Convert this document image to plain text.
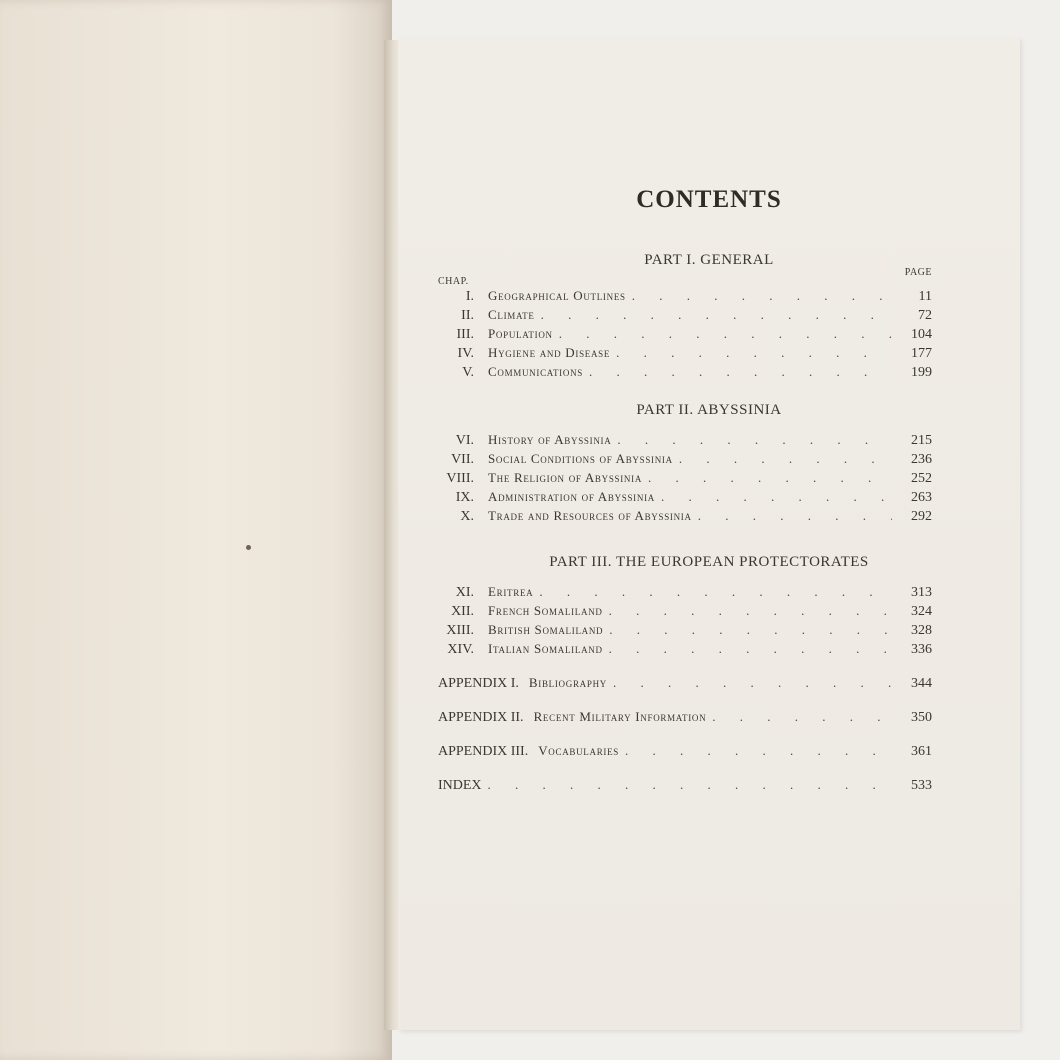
CONTENTS
PART I. GENERAL
PAGE
CHAP.
I. Geographical Outlines . . .	11
II. Climate . . .	72
III. Population . . .	104
IV. Hygiene and Disease . . .	177
V. Communications . . .	199
PART II. ABYSSINIA
VI. History of Abyssinia . . .	215
VII. Social Conditions of Abyssinia . . .	236
VIII. The Religion of Abyssinia . . .	252
IX. Administration of Abyssinia . . .	263
X. Trade and Resources of Abyssinia . . .	292
PART III. THE EUROPEAN PROTECTORATES
XI. Eritrea . . .	313
XII. French Somaliland . . .	324
XIII. British Somaliland . . .	328
XIV. Italian Somaliland . . .	336
APPENDIX I. Bibliography . . .	344
APPENDIX II. Recent Military Information . . .	350
APPENDIX III. Vocabularies . . .	361
INDEX . . .	533
